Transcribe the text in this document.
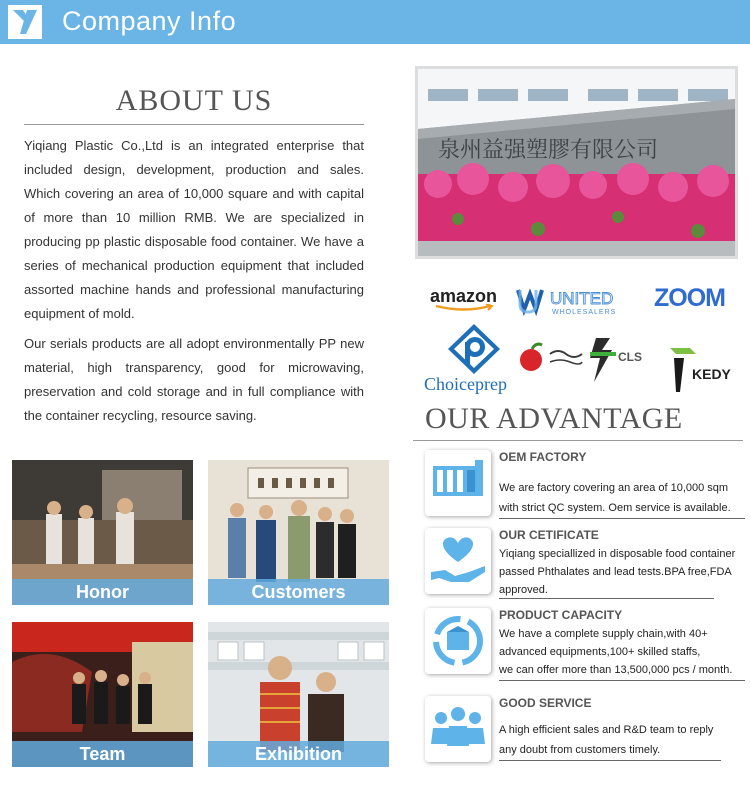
Company Info
ABOUT US

Yiqiang Plastic Co.,Ltd is an integrated enterprise that included design, development, production and sales. Which covering an area of 10,000 square and with capital of more than 10 million RMB. We are specialized in producing pp plastic disposable food container. We have a series of mechanical production equipment that included assorted machine hands and professional manufacturing equipment of mold.

Our serials products are all adopt environmentally PP new material, high transparency, good for microwaving, preservation and cold storage and in full compliance with the container recycling, resource saving.

泉州益强塑膠有限公司
amazon	UNITED
WHOLESALERS
ZOOM
Choiceprep
CLS
KEDY
OUR ADVANTAGE
OEM FACTORY
We are factory covering an area of 10,000 sqm
with strict QC system. Oem service is available.
OUR CETIFICATE
Yiqiang speciallized in disposable food container
passed Phthalates and lead tests.BPA free,FDA
approved.
PRODUCT CAPACITY
We have a complete supply chain,with 40+
advanced equipments,100+ skilled staffs,
we can offer more than 13,500,000 pcs / month.
GOOD SERVICE
A high efficient sales and R&D team to reply
any doubt from customers timely.
Honor	Customers
Team	Exhibition
